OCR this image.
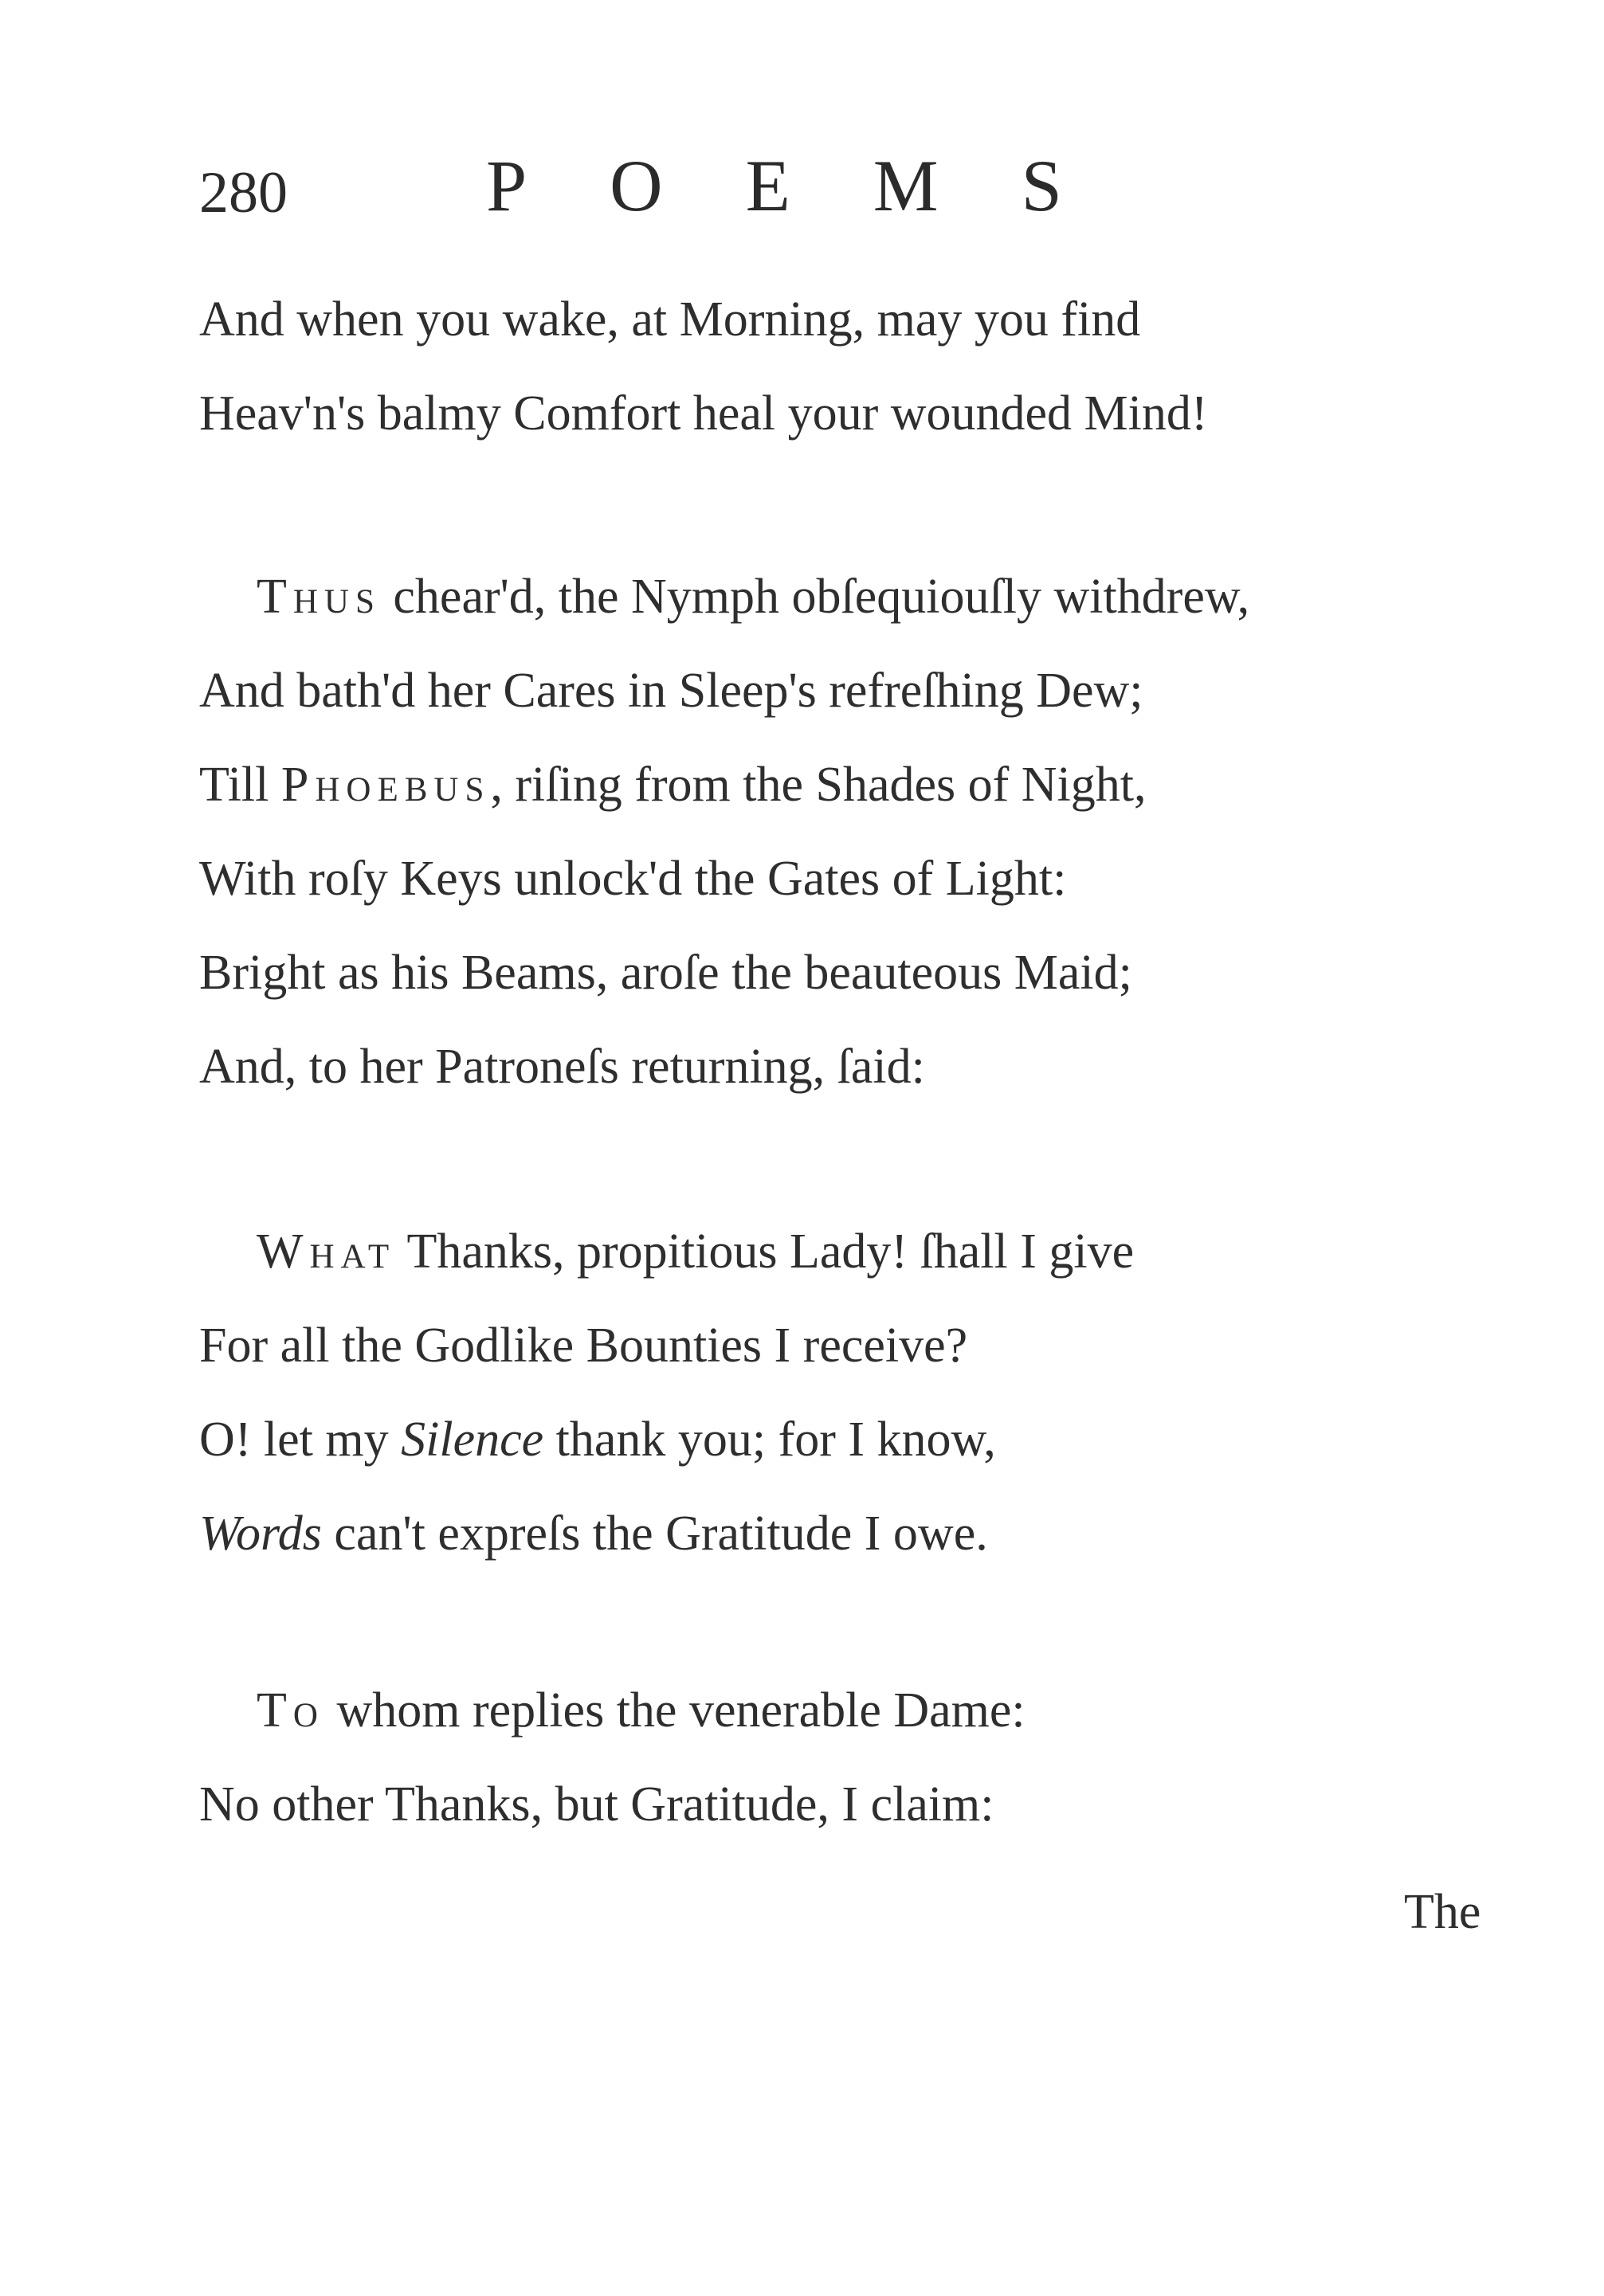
280	POEMS
And when you wake, at Morning, may you find
Heav'n's balmy Comfort heal your wounded Mind!
Thus chear'd, the Nymph obſequiouſly withdrew,
And bath'd her Cares in Sleep's refreſhing Dew;
Till Phoebus, riſing from the Shades of Night,
With roſy Keys unlock'd the Gates of Light:
Bright as his Beams, aroſe the beauteous Maid;
And, to her Patroneſs returning, ſaid:
What Thanks, propitious Lady! ſhall I give
For all the Godlike Bounties I receive?
O! let my Silence thank you; for I know,
Words can't expreſs the Gratitude I owe.
To whom replies the venerable Dame:
No other Thanks, but Gratitude, I claim:
The
